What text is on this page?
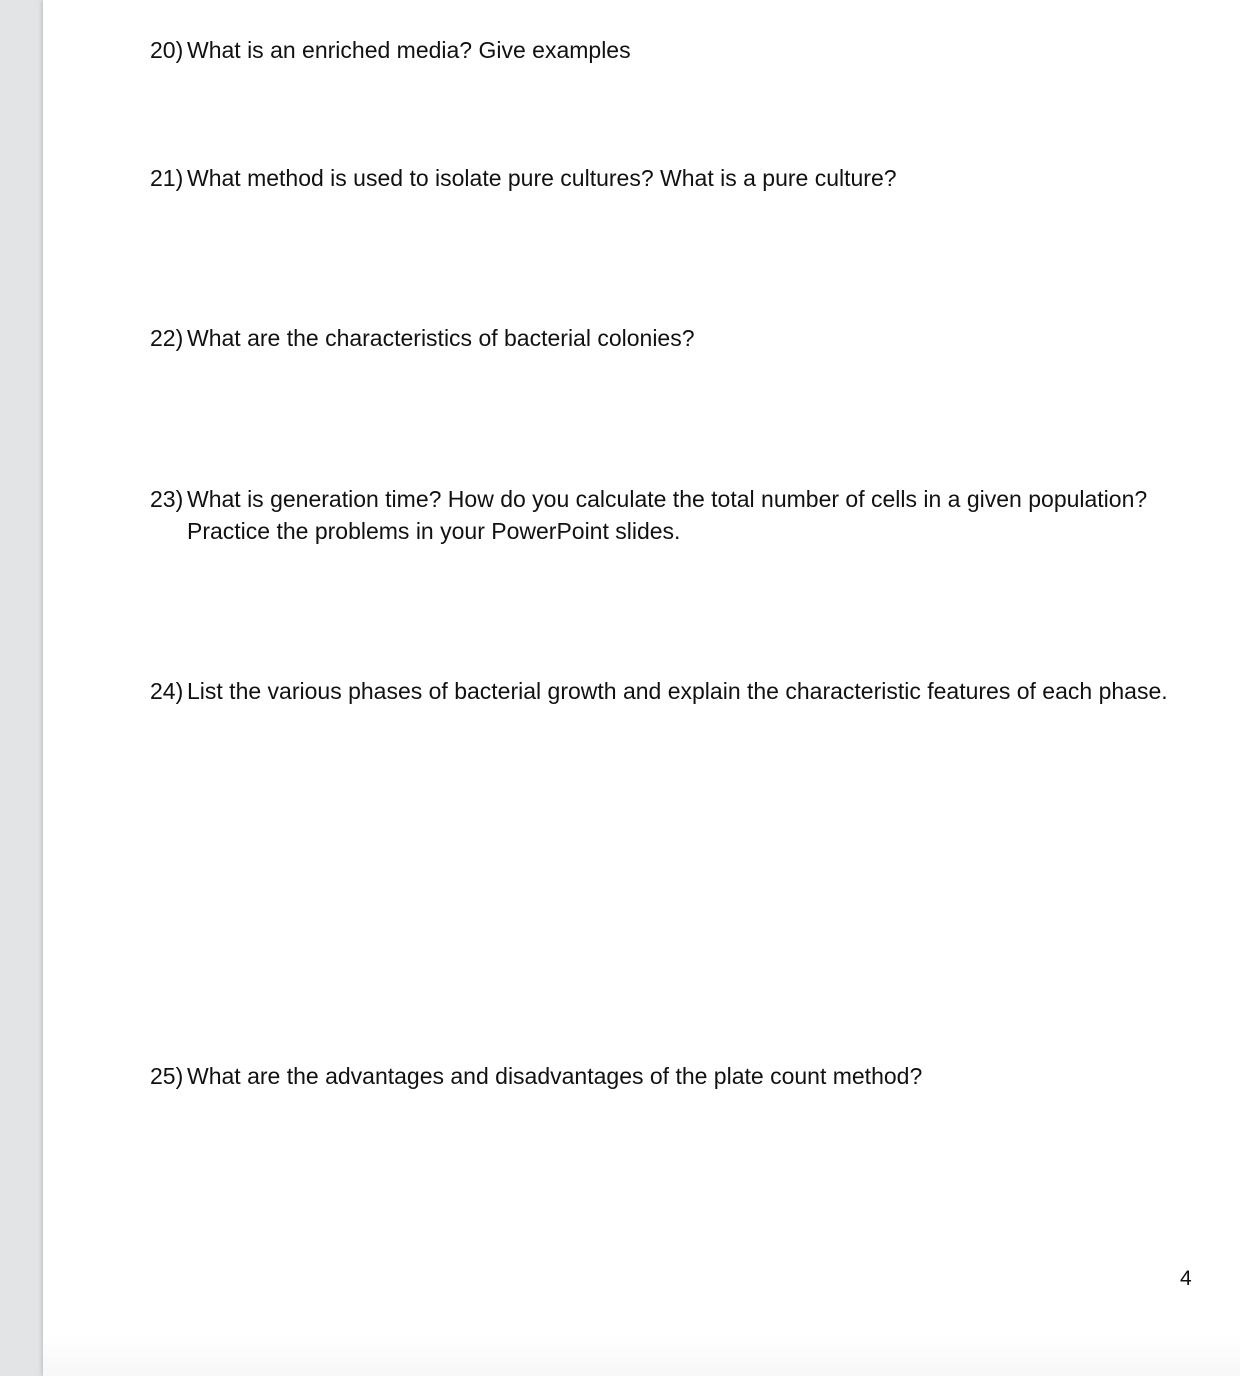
20) What is an enriched media? Give examples
21) What method is used to isolate pure cultures? What is a pure culture?
22) What are the characteristics of bacterial colonies?
23) What is generation time? How do you calculate the total number of cells in a given population? Practice the problems in your PowerPoint slides.
24) List the various phases of bacterial growth and explain the characteristic features of each phase.
25) What are the advantages and disadvantages of the plate count method?
4
